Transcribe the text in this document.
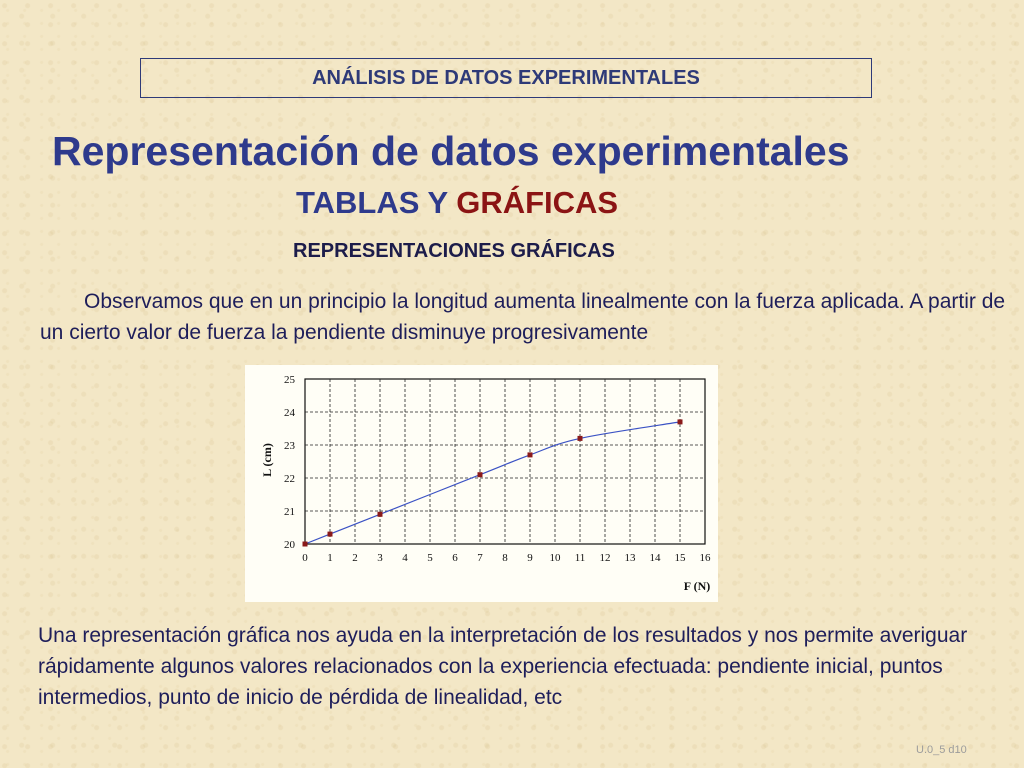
ANÁLISIS DE DATOS EXPERIMENTALES
Representación de datos experimentales
TABLAS Y GRÁFICAS
REPRESENTACIONES GRÁFICAS
Observamos que en un principio la longitud aumenta linealmente con la fuerza aplicada. A partir de un cierto valor de fuerza la pendiente disminuye progresivamente
0 1 2 3 4 5 6 7 8 9 10 11 12 13 14 15 16
20
21
22
23
24
25
L (cm)
F (N)
Una representación gráfica nos ayuda en la interpretación de los resultados y nos permite averiguar rápidamente algunos valores relacionados con la experiencia efectuada: pendiente inicial, puntos intermedios, punto de inicio de pérdida de linealidad, etc
U.0_5 d10
